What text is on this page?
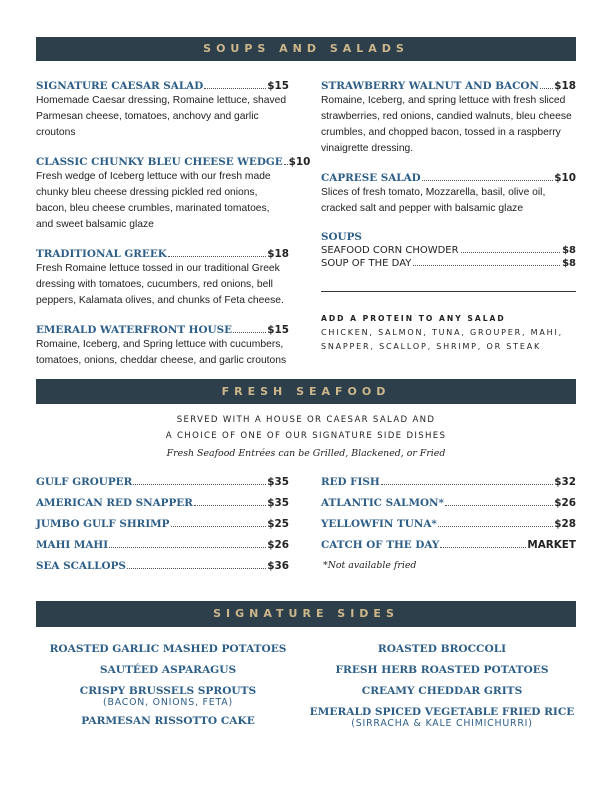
SOUPS AND SALADS
SIGNATURE CAESAR SALAD	$15
Homemade Caesar dressing, Romaine lettuce, shaved Parmesan cheese, tomatoes, anchovy and garlic croutons
CLASSIC CHUNKY BLEU CHEESE WEDGE $10
Fresh wedge of Iceberg lettuce with our fresh made chunky bleu cheese dressing pickled red onions, bacon, bleu cheese crumbles, marinated tomatoes, and sweet balsamic glaze
TRADITIONAL GREEK	$18
Fresh Romaine lettuce tossed in our traditional Greek dressing with tomatoes, cucumbers, red onions, bell peppers, Kalamata olives, and chunks of Feta cheese.
EMERALD WATERFRONT HOUSE	$15
Romaine, Iceberg, and Spring lettuce with cucumbers, tomatoes, onions, cheddar cheese, and garlic croutons
STRAWBERRY WALNUT AND BACON $18
Romaine, Iceberg, and spring lettuce with fresh sliced strawberries, red onions, candied walnuts, bleu cheese crumbles, and chopped bacon, tossed in a raspberry vinaigrette dressing.
CAPRESE SALAD	$10
Slices of fresh tomato, Mozzarella, basil, olive oil, cracked salt and pepper with balsamic glaze
SOUPS
SEAFOOD CORN CHOWDER	$8
SOUP OF THE DAY	$8
ADD A PROTEIN TO ANY SALAD
CHICKEN, SALMON, TUNA, GROUPER, MAHI,
SNAPPER, SCALLOP, SHRIMP, OR STEAK
FRESH SEAFOOD
SERVED WITH A HOUSE OR CAESAR SALAD AND
A CHOICE OF ONE OF OUR SIGNATURE SIDE DISHES
Fresh Seafood Entrées can be Grilled, Blackened, or Fried
GULF GROUPER	$35
AMERICAN RED SNAPPER	$35
JUMBO GULF SHRIMP	$25
MAHI MAHI	$26
SEA SCALLOPS	$36
RED FISH	$32
ATLANTIC SALMON*	$26
YELLOWFIN TUNA*	$28
CATCH OF THE DAY	MARKET
*Not available fried
SIGNATURE SIDES
ROASTED GARLIC MASHED POTATOES
SAUTÉED ASPARAGUS
CRISPY BRUSSELS SPROUTS
(BACON, ONIONS, FETA)
PARMESAN RISSOTTO CAKE
ROASTED BROCCOLI
FRESH HERB ROASTED POTATOES
CREAMY CHEDDAR GRITS
EMERALD SPICED VEGETABLE FRIED RICE
(SIRRACHA & KALE CHIMICHURRI)
